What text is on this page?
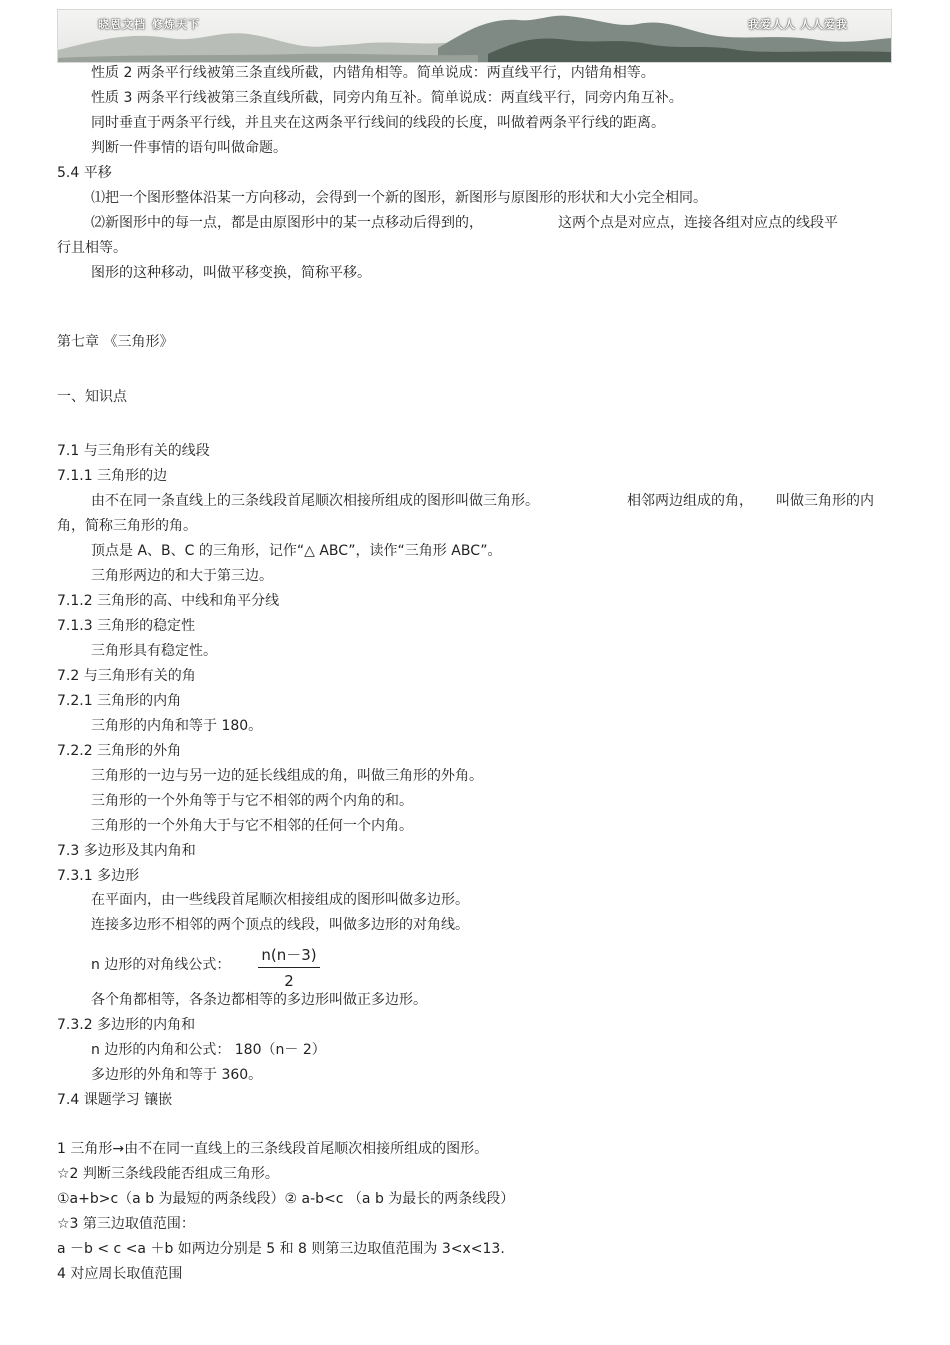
晓恩文档 修炼天下	我爱人人 人人爱我
性质 2 两条平行线被第三条直线所截，内错角相等。简单说成：两直线平行，内错角相等。
性质 3 两条平行线被第三条直线所截，同旁内角互补。简单说成：两直线平行，同旁内角互补。
同时垂直于两条平行线，并且夹在这两条平行线间的线段的长度，叫做着两条平行线的距离。
判断一件事情的语句叫做命题。
5.4 平移
⑴把一个图形整体沿某一方向移动，会得到一个新的图形，新图形与原图形的形状和大小完全相同。
⑵新图形中的每一点，都是由原图形中的某一点移动后得到的，	这两个点是对应点，连接各组对应点的线段平
行且相等。
图形的这种移动，叫做平移变换，简称平移。
第七章 《三角形》
一、知识点
7.1 与三角形有关的线段
7.1.1 三角形的边
由不在同一条直线上的三条线段首尾顺次相接所组成的图形叫做三角形。	相邻两边组成的角， 叫做三角形的内
角，简称三角形的角。
顶点是 A、B、C 的三角形，记作“△ ABC”，读作“三角形 ABC”。
三角形两边的和大于第三边。
7.1.2 三角形的高、中线和角平分线
7.1.3 三角形的稳定性
三角形具有稳定性。
7.2 与三角形有关的角
7.2.1 三角形的内角
三角形的内角和等于 180。
7.2.2 三角形的外角
三角形的一边与另一边的延长线组成的角，叫做三角形的外角。
三角形的一个外角等于与它不相邻的两个内角的和。
三角形的一个外角大于与它不相邻的任何一个内角。
7.3 多边形及其内角和
7.3.1 多边形
在平面内，由一些线段首尾顺次相接组成的图形叫做多边形。
连接多边形不相邻的两个顶点的线段，叫做多边形的对角线。
n 边形的对角线公式： $\frac{n(n-3)}{2}$
各个角都相等，各条边都相等的多边形叫做正多边形。
7.3.2 多边形的内角和
n 边形的内角和公式： 180（n－ 2）
多边形的外角和等于 360。
7.4 课题学习 镶嵌
1 三角形→由不在同一直线上的三条线段首尾顺次相接所组成的图形。
☆2 判断三条线段能否组成三角形。
①a+b>c（a b 为最短的两条线段）② a-b<c （a b 为最长的两条线段）
☆3 第三边取值范围：
a －b < c <a ＋b 如两边分别是 5 和 8 则第三边取值范围为 3<x<13.
4 对应周长取值范围
